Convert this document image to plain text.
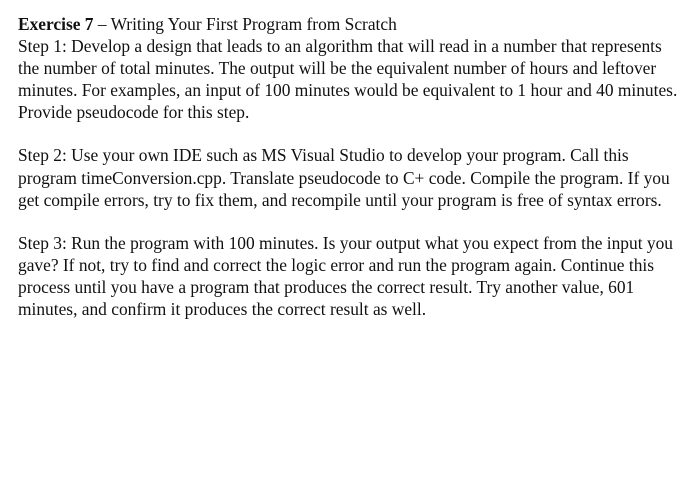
Exercise 7 – Writing Your First Program from Scratch

Step 1: Develop a design that leads to an algorithm that will read in a number that represents the number of total minutes. The output will be the equivalent number of hours and leftover minutes. For examples, an input of 100 minutes would be equivalent to 1 hour and 40 minutes. Provide pseudocode for this step.

Step 2: Use your own IDE such as MS Visual Studio to develop your program. Call this program timeConversion.cpp. Translate pseudocode to C+ code. Compile the program. If you get compile errors, try to fix them, and recompile until your program is free of syntax errors.

Step 3: Run the program with 100 minutes. Is your output what you expect from the input you gave? If not, try to find and correct the logic error and run the program again. Continue this process until you have a program that produces the correct result. Try another value, 601 minutes, and confirm it produces the correct result as well.
